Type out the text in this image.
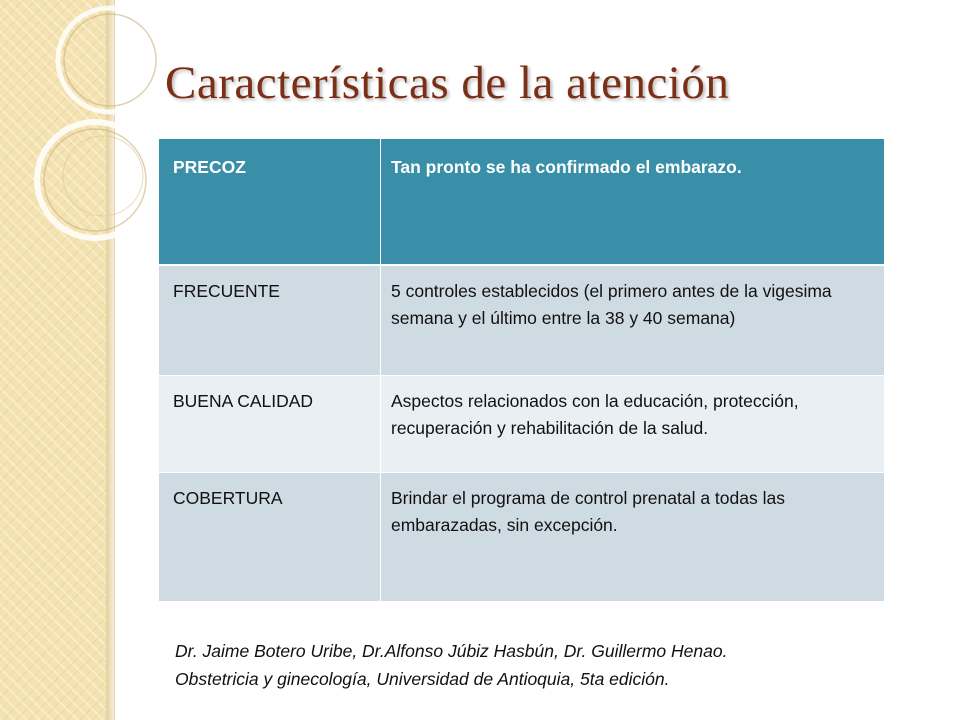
Características de la atención
PRECOZ	Tan pronto se ha confirmado el embarazo.
FRECUENTE	5 controles establecidos (el primero antes de la vigesima semana y el último entre la 38 y 40 semana)
BUENA CALIDAD	Aspectos relacionados con la educación, protección, recuperación y rehabilitación de la salud.
COBERTURA	Brindar el programa de control prenatal a todas las embarazadas, sin excepción.
Dr. Jaime Botero Uribe, Dr.Alfonso Júbiz Hasbún, Dr. Guillermo Henao.
Obstetricia y ginecología, Universidad de Antioquia, 5ta edición.
